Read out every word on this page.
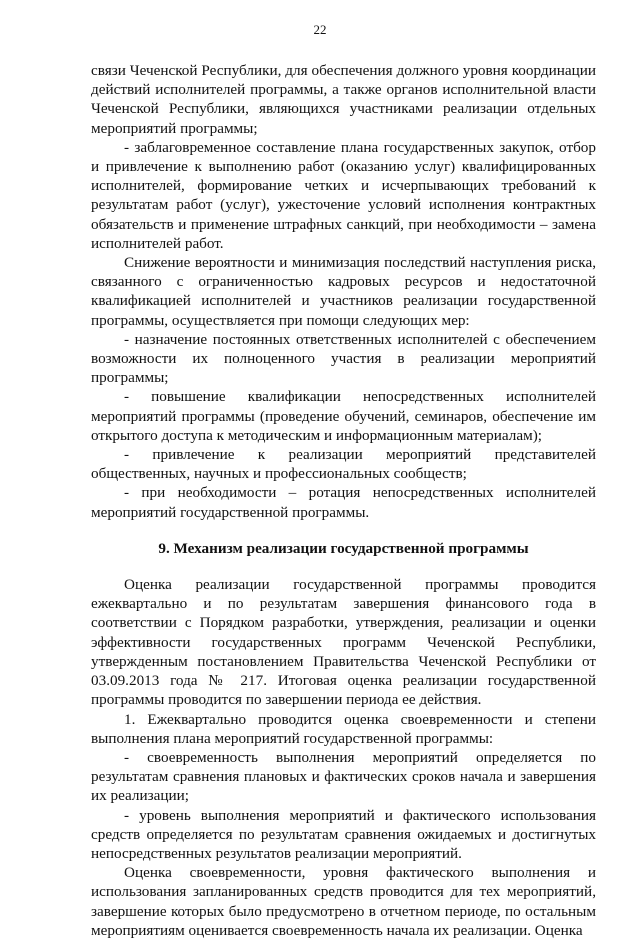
22

связи Чеченской Республики, для обеспечения должного уровня координации действий исполнителей программы, а также органов исполнительной власти Чеченской Республики, являющихся участниками реализации отдельных мероприятий программы;

- заблаговременное составление плана государственных закупок, отбор и привлечение к выполнению работ (оказанию услуг) квалифицированных исполнителей, формирование четких и исчерпывающих требований к результатам работ (услуг), ужесточение условий исполнения контрактных обязательств и применение штрафных санкций, при необходимости – замена исполнителей работ.

Снижение вероятности и минимизация последствий наступления риска, связанного с ограниченностью кадровых ресурсов и недостаточной квалификацией исполнителей и участников реализации государственной программы, осуществляется при помощи следующих мер:

- назначение постоянных ответственных исполнителей с обеспечением возможности их полноценного участия в реализации мероприятий программы;

- повышение квалификации непосредственных исполнителей мероприятий программы (проведение обучений, семинаров, обеспечение им открытого доступа к методическим и информационным материалам);

- привлечение к реализации мероприятий представителей общественных, научных и профессиональных сообществ;

- при необходимости – ротация непосредственных исполнителей мероприятий государственной программы.

9. Механизм реализации государственной программы

Оценка реализации государственной программы проводится ежеквартально и по результатам завершения финансового года в соответствии с Порядком разработки, утверждения, реализации и оценки эффективности государственных программ Чеченской Республики, утвержденным постановлением Правительства Чеченской Республики от 03.09.2013 года № 217. Итоговая оценка реализации государственной программы проводится по завершении периода ее действия.

1. Ежеквартально проводится оценка своевременности и степени выполнения плана мероприятий государственной программы:

- своевременность выполнения мероприятий определяется по результатам сравнения плановых и фактических сроков начала и завершения их реализации;

- уровень выполнения мероприятий и фактического использования средств определяется по результатам сравнения ожидаемых и достигнутых непосредственных результатов реализации мероприятий.

Оценка своевременности, уровня фактического выполнения и использования запланированных средств проводится для тех мероприятий, завершение которых было предусмотрено в отчетном периоде, по остальным мероприятиям оценивается своевременность начала их реализации. Оценка
